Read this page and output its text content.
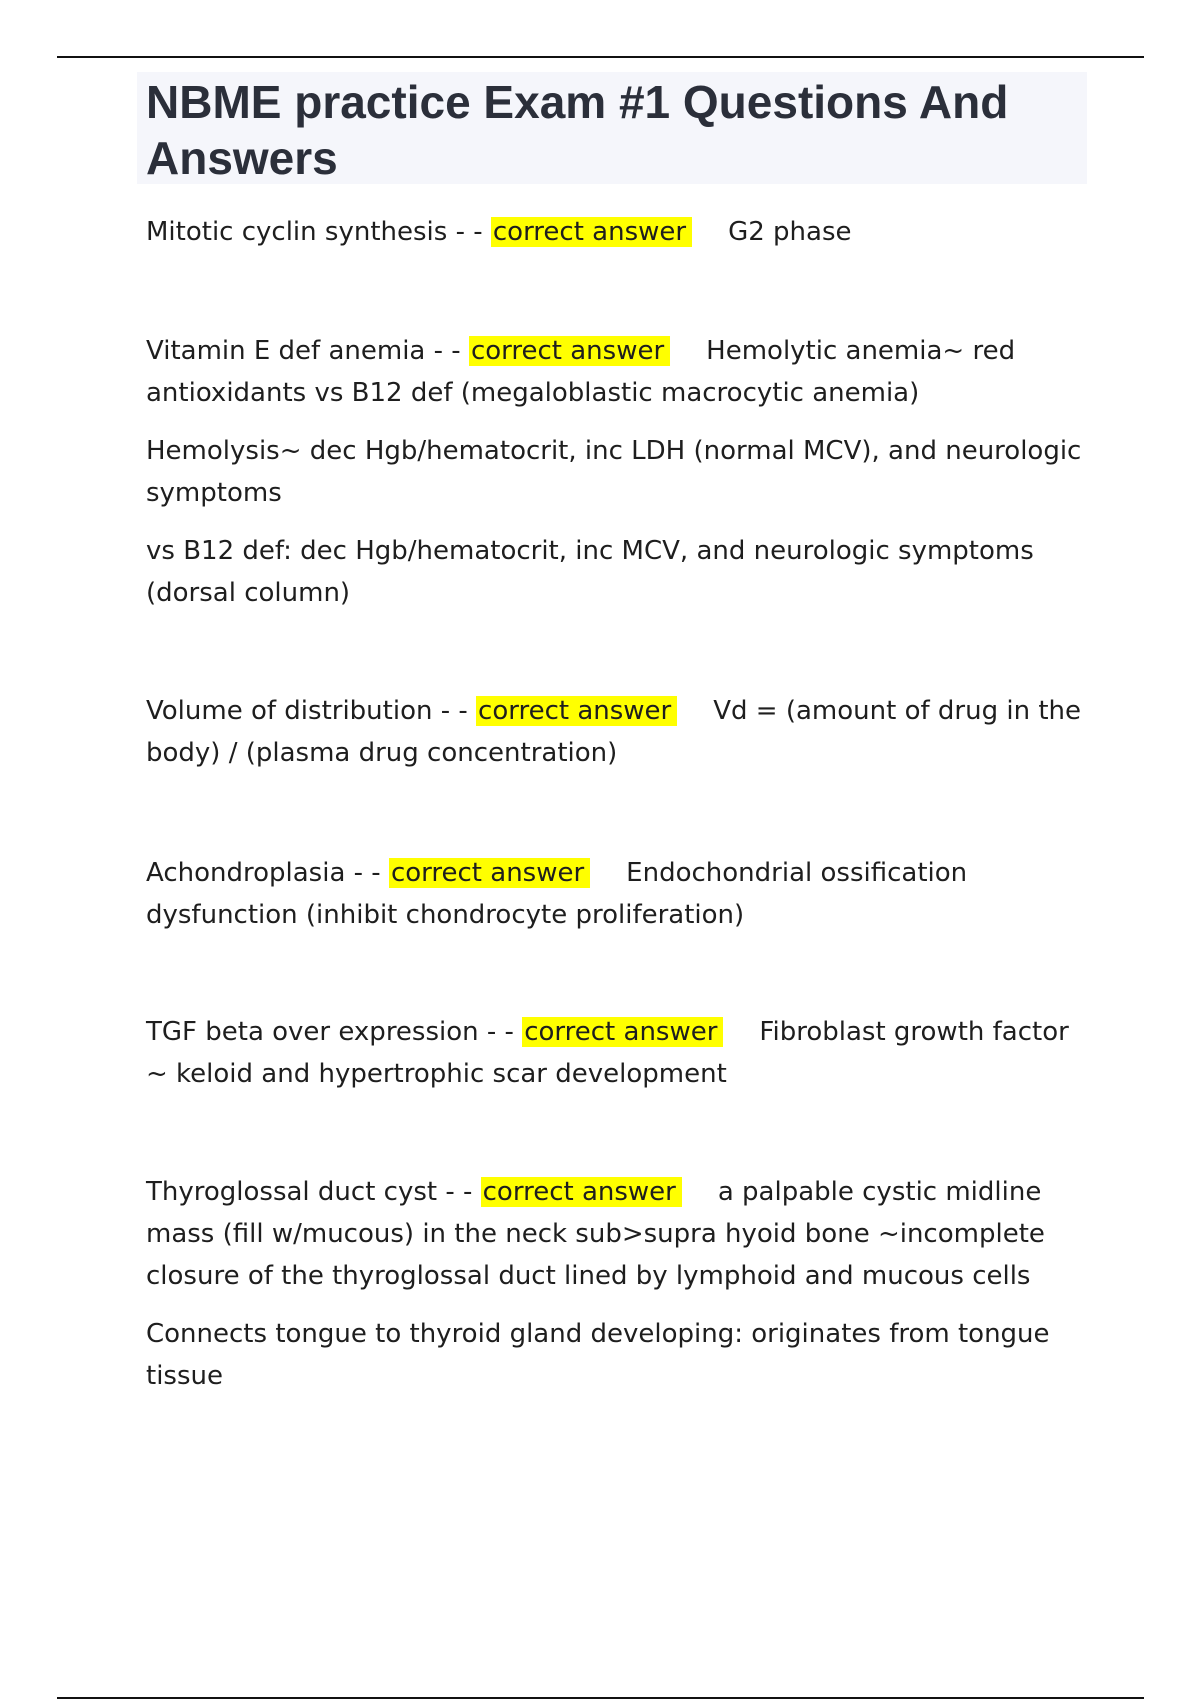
NBME practice Exam #1 Questions And Answers

Mitotic cyclin synthesis - - correct answer G2 phase

Vitamin E def anemia - - correct answer Hemolytic anemia~ red antioxidants vs B12 def (megaloblastic macrocytic anemia)

Hemolysis~ dec Hgb/hematocrit, inc LDH (normal MCV), and neurologic symptoms

vs B12 def: dec Hgb/hematocrit, inc MCV, and neurologic symptoms (dorsal column)

Volume of distribution - - correct answer Vd = (amount of drug in the body) / (plasma drug concentration)

Achondroplasia - - correct answer Endochondrial ossification dysfunction (inhibit chondrocyte proliferation)

TGF beta over expression - - correct answer Fibroblast growth factor ~ keloid and hypertrophic scar development

Thyroglossal duct cyst - - correct answer a palpable cystic midline mass (fill w/mucous) in the neck sub>supra hyoid bone ~incomplete closure of the thyroglossal duct lined by lymphoid and mucous cells

Connects tongue to thyroid gland developing: originates from tongue tissue
